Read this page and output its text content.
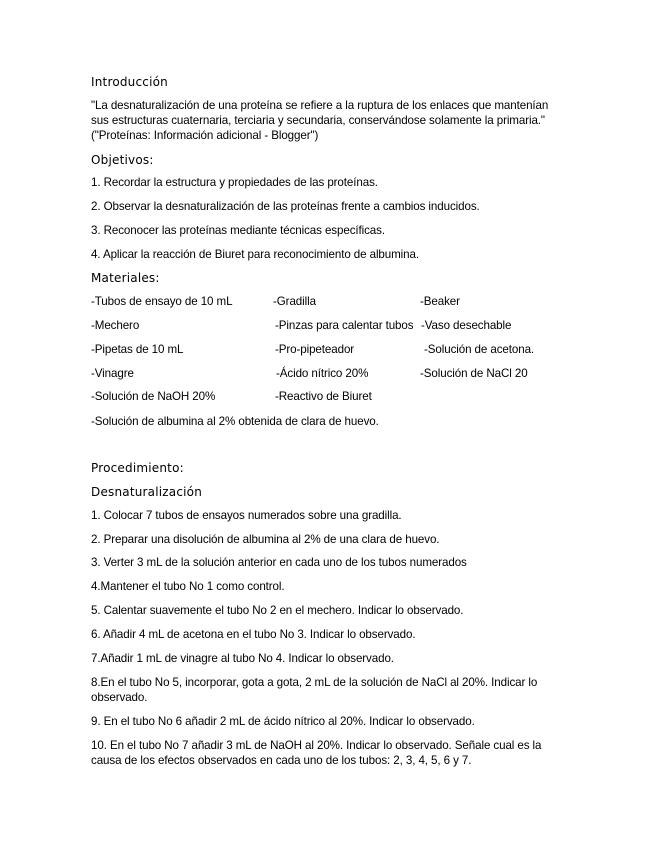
Introducción
"La desnaturalización de una proteína se refiere a la ruptura de los enlaces que mantenían sus estructuras cuaternaria, terciaria y secundaria, conservándose solamente la primaria." ("Proteínas: Información adicional - Blogger")
Objetivos:
1. Recordar la estructura y propiedades de las proteínas.
2. Observar la desnaturalización de las proteínas frente a cambios inducidos.
3. Reconocer las proteínas mediante técnicas específicas.
4. Aplicar la reacción de Biuret para reconocimiento de albumina.
Materiales:
-Tubos de ensayo de 10 mL	-Gradilla	-Beaker
-Mechero	-Pinzas para calentar tubos -Vaso desechable
-Pipetas de 10 mL	-Pro-pipeteador	-Solución de acetona.
-Vinagre	-Ácido nítrico 20%	-Solución de NaCl 20
-Solución de NaOH 20%	-Reactivo de Biuret
-Solución de albumina al 2% obtenida de clara de huevo.
Procedimiento:
Desnaturalización
1. Colocar 7 tubos de ensayos numerados sobre una gradilla.
2. Preparar una disolución de albumina al 2% de una clara de huevo.
3. Verter 3 mL de la solución anterior en cada uno de los tubos numerados
4.Mantener el tubo No 1 como control.
5. Calentar suavemente el tubo No 2 en el mechero. Indicar lo observado.
6. Añadir 4 mL de acetona en el tubo No 3. Indicar lo observado.
7.Añadir 1 mL de vinagre al tubo No 4. Indicar lo observado.
8.En el tubo No 5, incorporar, gota a gota, 2 mL de la solución de NaCl al 20%. Indicar lo observado.
9. En el tubo No 6 añadir 2 mL de ácido nítrico al 20%. Indicar lo observado.
10. En el tubo No 7 añadir 3 mL de NaOH al 20%. Indicar lo observado. Señale cual es la causa de los efectos observados en cada uno de los tubos: 2, 3, 4, 5, 6 y 7.
